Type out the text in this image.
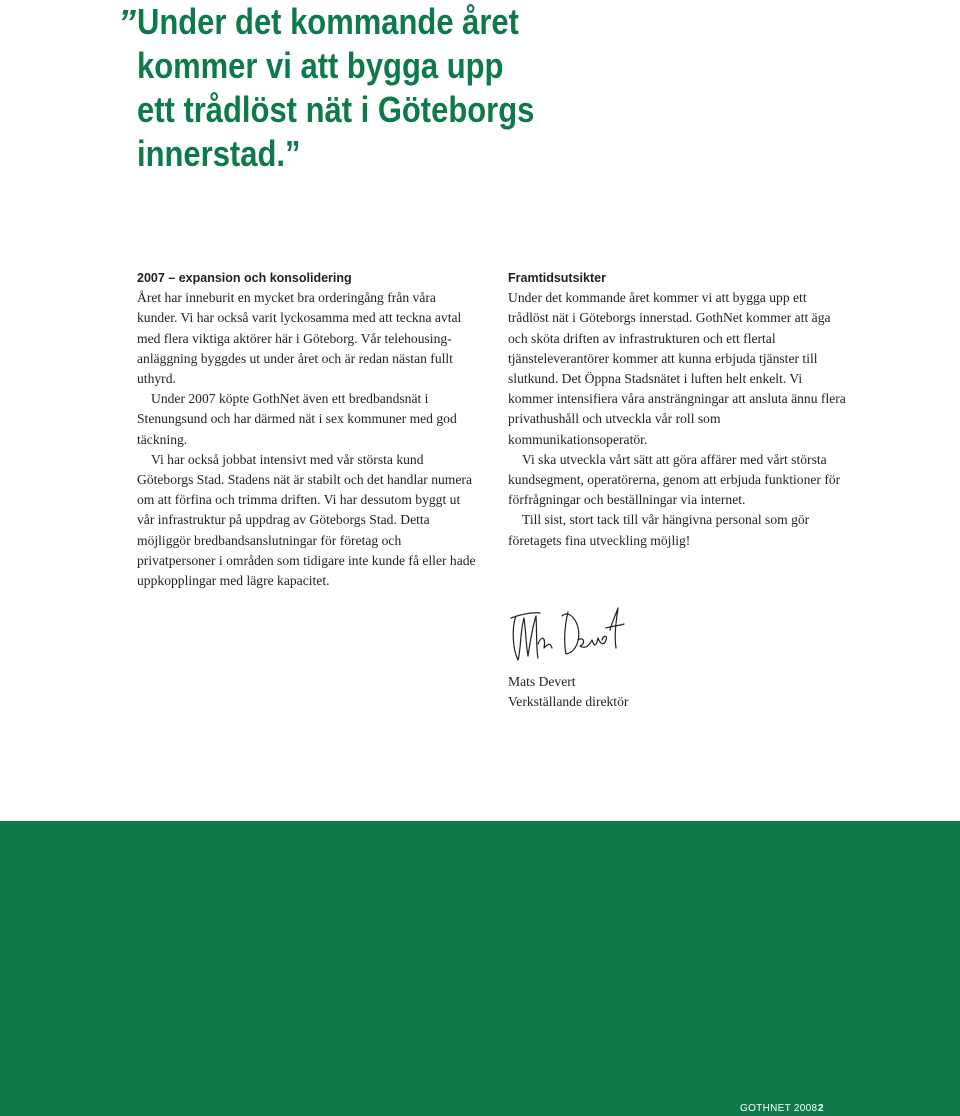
” Under det kommande året
kommer vi att bygga upp
ett trådlöst nät i Göteborgs
innerstad.”
2007 – expansion och konsolidering

Året har inneburit en mycket bra orderingång från våra kunder. Vi har också varit lyckosamma med att teckna avtal med flera viktiga aktörer här i Göteborg. Vår telehousing-anläggning byggdes ut under året och är redan nästan fullt uthyrd.

Under 2007 köpte GothNet även ett bredbandsnät i Stenungsund och har därmed nät i sex kommuner med god täckning.

Vi har också jobbat intensivt med vår största kund Göteborgs Stad. Stadens nät är stabilt och det handlar numera om att förfina och trimma driften. Vi har dessutom byggt ut vår infrastruktur på uppdrag av Göteborgs Stad. Detta möjliggör bredbandsanslutningar för företag och privatpersoner i områden som tidigare inte kunde få eller hade uppkopplingar med lägre kapacitet.

Framtidsutsikter

Under det kommande året kommer vi att bygga upp ett trådlöst nät i Göteborgs innerstad. GothNet kommer att äga och sköta driften av infrastrukturen och ett flertal tjänsteleverantörer kommer att kunna erbjuda tjänster till slutkund. Det Öppna Stadsnätet i luften helt enkelt. Vi kommer intensifiera våra ansträngningar att ansluta ännu flera privathushåll och utveckla vår roll som kommunikationsoperatör.

Vi ska utveckla vårt sätt att göra affärer med vårt största kundsegment, operatörerna, genom att erbjuda funktioner för förfrågningar och beställningar via internet.

Till sist, stort tack till vår hängivna personal som gör företagets fina utveckling möjlig!

Mats Devert
Verkställande direktör
GOTHNET 2008 2
